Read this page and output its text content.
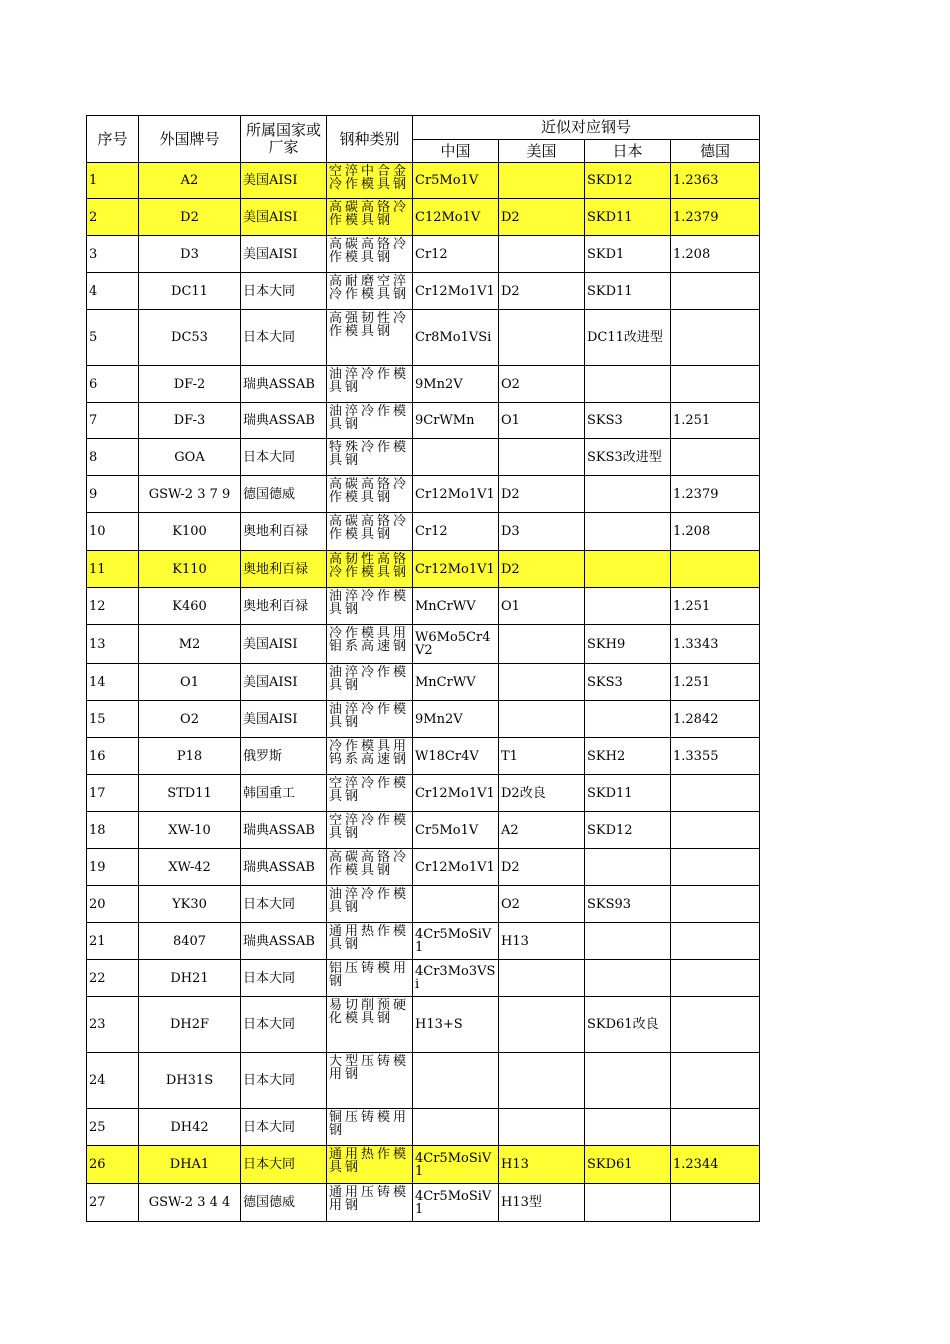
序号	外国牌号	所属国家或厂家	钢种类别	近似对应钢号			
				中国	美国	日本	德国
1	A2	美国AISI	空淬中合金冷作模具钢	Cr5Mo1V		SKD12	1.2363
2	D2	美国AISI	高碳高铬冷作模具钢	C12Mo1V	D2	SKD11	1.2379
3	D3	美国AISI	高碳高铬冷作模具钢	Cr12		SKD1	1.208
4	DC11	日本大同	高耐磨空淬冷作模具钢	Cr12Mo1V1	D2	SKD11	
5	DC53	日本大同	高强韧性冷作模具钢	Cr8Mo1VSi		DC11改进型	
6	DF-2	瑞典ASSAB	油淬冷作模具钢	9Mn2V	O2		
7	DF-3	瑞典ASSAB	油淬冷作模具钢	9CrWMn	O1	SKS3	1.251
8	GOA	日本大同	特殊冷作模具钢			SKS3改进型	
9	GSW-2 3 7 9	德国德威	高碳高铬冷作模具钢	Cr12Mo1V1	D2		1.2379
10	K100	奥地利百禄	高碳高铬冷作模具钢	Cr12	D3		1.208
11	K110	奥地利百禄	高韧性高铬冷作模具钢	Cr12Mo1V1	D2		
12	K460	奥地利百禄	油淬冷作模具钢	MnCrWV	O1		1.251
13	M2	美国AISI	冷作模具用钼系高速钢	W6Mo5Cr4V2		SKH9	1.3343
14	O1	美国AISI	油淬冷作模具钢	MnCrWV		SKS3	1.251
15	O2	美国AISI	油淬冷作模具钢	9Mn2V			1.2842
16	P18	俄罗斯	冷作模具用钨系高速钢	W18Cr4V	T1	SKH2	1.3355
17	STD11	韩国重工	空淬冷作模具钢	Cr12Mo1V1	D2改良	SKD11	
18	XW-10	瑞典ASSAB	空淬冷作模具钢	Cr5Mo1V	A2	SKD12	
19	XW-42	瑞典ASSAB	高碳高铬冷作模具钢	Cr12Mo1V1	D2		
20	YK30	日本大同	油淬冷作模具钢		O2	SKS93	
21	8407	瑞典ASSAB	通用热作模具钢	4Cr5MoSiV1	H13		
22	DH21	日本大同	铝压铸模用钢	4Cr3Mo3VSi			
23	DH2F	日本大同	易切削预硬化模具钢	H13+S		SKD61改良	
24	DH31S	日本大同	大型压铸模用钢				
25	DH42	日本大同	铜压铸模用钢				
26	DHA1	日本大同	通用热作模具钢	4Cr5MoSiV1	H13	SKD61	1.2344
27	GSW-2 3 4 4	德国德威	通用压铸模用钢	4Cr5MoSiV1	H13型		
